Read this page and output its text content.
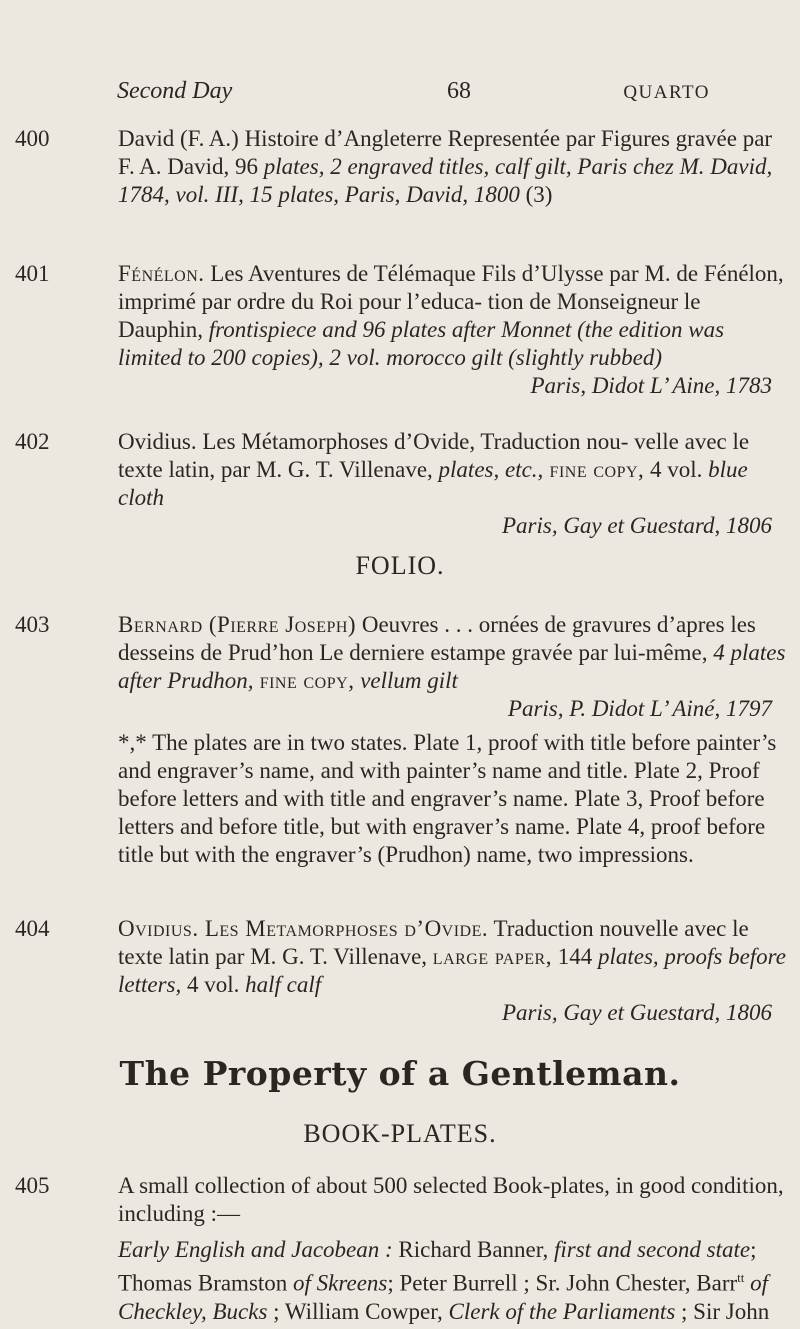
Second Day	68	QUARTO
400	David (F. A.) Histoire d’Angleterre Representée par Figures gravée par F. A. David, 96 plates, 2 engraved titles, calf gilt, Paris chez M. David, 1784, vol. III, 15 plates, Paris, David, 1800 (3)

401	Fénélon. Les Aventures de Télémaque Fils d’Ulysse par M. de Fénélon, imprimé par ordre du Roi pour l’educa- tion de Monseigneur le Dauphin, frontispiece and 96 plates after Monnet (the edition was limited to 200 copies), 2 vol. morocco gilt (slightly rubbed)

Paris, Didot L’ Aine, 1783

402	Ovidius. Les Métamorphoses d’Ovide, Traduction nou- velle avec le texte latin, par M. G. T. Villenave, plates, etc., fine copy, 4 vol. blue cloth

Paris, Gay et Guestard, 1806

FOLIO.
403	Bernard (Pierre Joseph) Oeuvres . . . ornées de gravures d’apres les desseins de Prud’hon Le derniere estampe gravée par lui-même, 4 plates after Prudhon, fine copy, vellum gilt

Paris, P. Didot L’ Ainé, 1797

*,* The plates are in two states. Plate 1, proof with title before painter’s and engraver’s name, and with painter’s name and title. Plate 2, Proof before letters and with title and engraver’s name. Plate 3, Proof before letters and before title, but with engraver’s name. Plate 4, proof before title but with the engraver’s (Prudhon) name, two impressions.

404	Ovidius. Les Metamorphoses d’Ovide. Traduction nouvelle avec le texte latin par M. G. T. Villenave, large paper, 144 plates, proofs before letters, 4 vol. half calf

Paris, Gay et Guestard, 1806

The Property of a Gentleman.
BOOK-PLATES.
405	A small collection of about 500 selected Book-plates, in good condition, including :—

Early English and Jacobean : Richard Banner, first and second state; Thomas Bramston of Skreens; Peter Burrell ; Sr. John Chester, Barr$^{tt}$ of Checkley, Bucks ; William Cowper, Clerk of the Parliaments ; Sir John
